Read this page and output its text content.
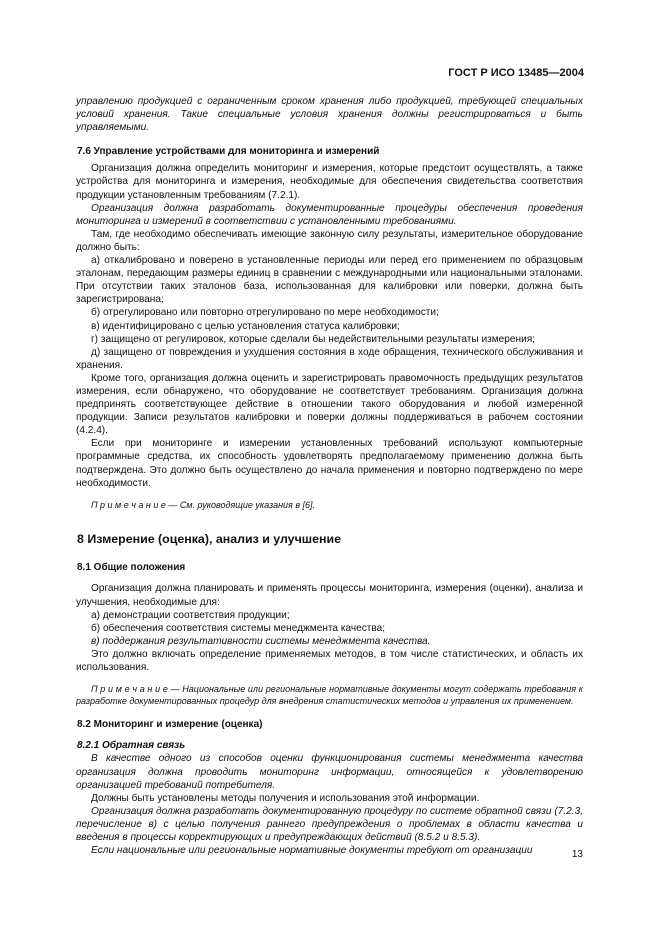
ГОСТ Р ИСО 13485—2004

управлению продукцией с ограниченным сроком хранения либо продукцией, требующей специальных условий хранения. Такие специальные условия хранения должны регистрироваться и быть управляемыми.

7.6 Управление устройствами для мониторинга и измерений

Организация должна определить мониторинг и измерения, которые предстоит осуществлять, а также устройства для мониторинга и измерения, необходимые для обеспечения свидетельства соответствия продукции установленным требованиям (7.2.1).

Организация должна разработать документированные процедуры обеспечения проведения мониторинга и измерений в соответствии с установленными требованиями.

Там, где необходимо обеспечивать имеющие законную силу результаты, измерительное оборудование должно быть:

а) откалибровано и поверено в установленные периоды или перед его применением по образцовым эталонам, передающим размеры единиц в сравнении с международными или национальными эталонами. При отсутствии таких эталонов база, использованная для калибровки или поверки, должна быть зарегистрирована;

б) отрегулировано или повторно отрегулировано по мере необходимости;

в) идентифицировано с целью установления статуса калибровки;

г) защищено от регулировок, которые сделали бы недействительными результаты измерения;

д) защищено от повреждения и ухудшения состояния в ходе обращения, технического обслуживания и хранения.

Кроме того, организация должна оценить и зарегистрировать правомочность предыдущих результатов измерения, если обнаружено, что оборудование не соответствует требованиям. Организация должна предпринять соответствующее действие в отношении такого оборудования и любой измеренной продукции. Записи результатов калибровки и поверки должны поддерживаться в рабочем состоянии (4.2.4).

Если при мониторинге и измерении установленных требований используют компьютерные программные средства, их способность удовлетворять предполагаемому применению должна быть подтверждена. Это должно быть осуществлено до начала применения и повторно подтверждено по мере необходимости.

П р и м е ч а н и е — См. руководящие указания в [6].

8 Измерение (оценка), анализ и улучшение

8.1 Общие положения

Организация должна планировать и применять процессы мониторинга, измерения (оценки), анализа и улучшения, необходимые для:

а) демонстрации соответствия продукции;

б) обеспечения соответствия системы менеджмента качества;

в) поддержания результативности системы менеджмента качества.

Это должно включать определение применяемых методов, в том числе статистических, и область их использования.

П р и м е ч а н и е — Национальные или региональные нормативные документы могут содержать требования к разработке документированных процедур для внедрения статистических методов и управления их применением.

8.2 Мониторинг и измерение (оценка)

8.2.1 Обратная связь

В качестве одного из способов оценки функционирования системы менеджмента качества организация должна проводить мониторинг информации, относящейся к удовлетворению организацией требований потребителя.

Должны быть установлены методы получения и использования этой информации.

Организация должна разработать документированную процедуру по системе обратной связи (7.2.3, перечисление в) с целью получения раннего предупреждения о проблемах в области качества и введения в процессы корректирующих и предупреждающих действий (8.5.2 и 8.5.3).

Если национальные или региональные нормативные документы требуют от организации	13
